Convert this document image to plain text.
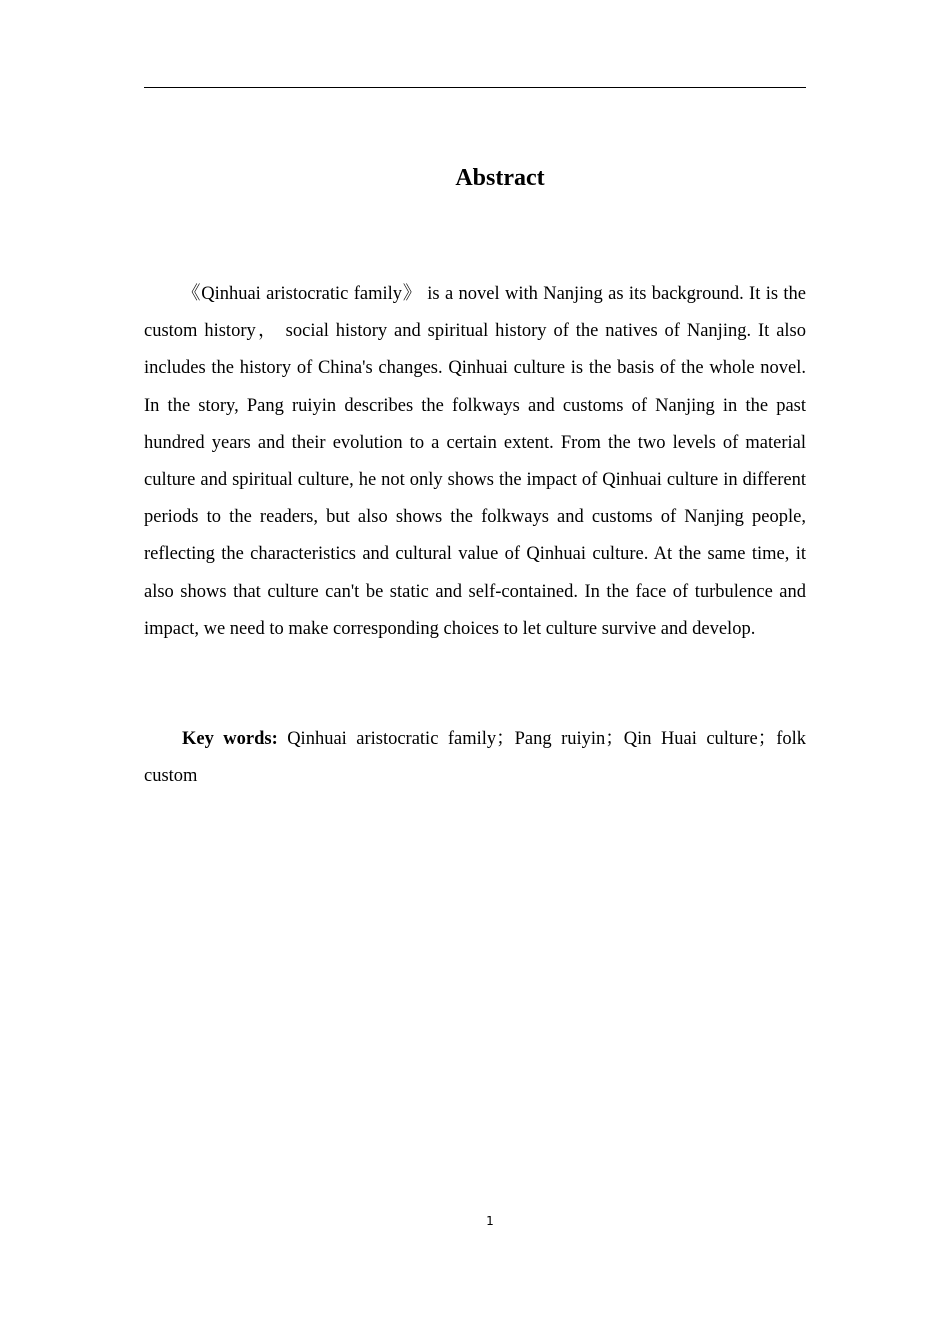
Abstract

《Qinhuai aristocratic family》 is a novel with Nanjing as its background. It is the custom history， social history and spiritual history of the natives of Nanjing. It also includes the history of China's changes. Qinhuai culture is the basis of the whole novel. In the story, Pang ruiyin describes the folkways and customs of Nanjing in the past hundred years and their evolution to a certain extent. From the two levels of material culture and spiritual culture, he not only shows the impact of Qinhuai culture in different periods to the readers, but also shows the folkways and customs of Nanjing people, reflecting the characteristics and cultural value of Qinhuai culture. At the same time, it also shows that culture can't be static and self-contained. In the face of turbulence and impact, we need to make corresponding choices to let culture survive and develop.

Key words: Qinhuai aristocratic family；Pang ruiyin；Qin Huai culture；folk custom

1
